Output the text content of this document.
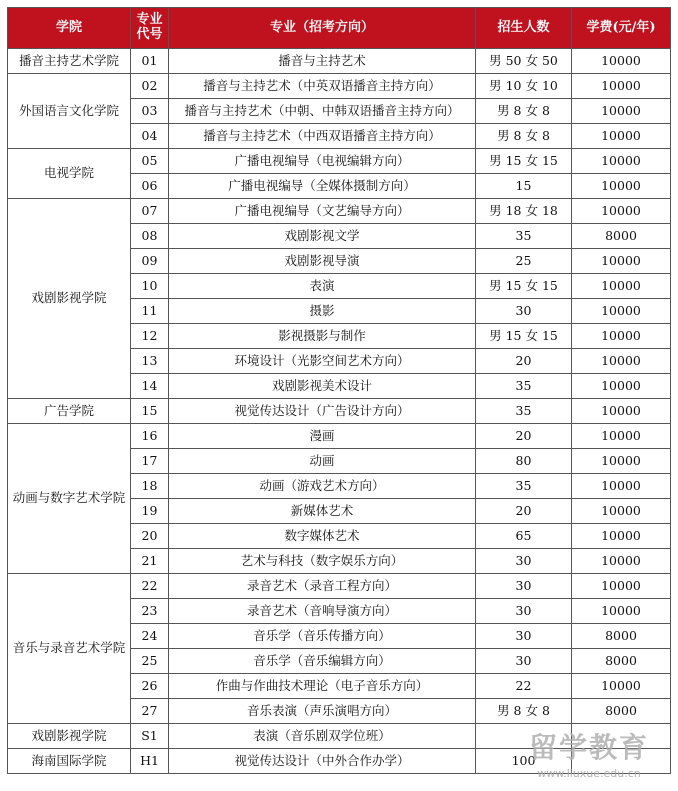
学院	专业代号	专业（招考方向）	招生人数	学费(元/年)
播音主持艺术学院	01	播音与主持艺术	男 50 女 50	10000
外国语言文化学院	02	播音与主持艺术（中英双语播音主持方向）	男 10 女 10	10000
	03	播音与主持艺术（中朝、中韩双语播音主持方向）	男 8 女 8	10000
	04	播音与主持艺术（中西双语播音主持方向）	男 8 女 8	10000
电视学院	05	广播电视编导（电视编辑方向）	男 15 女 15	10000
	06	广播电视编导（全媒体摄制方向）	15	10000
戏剧影视学院	07	广播电视编导（文艺编导方向）	男 18 女 18	10000
	08	戏剧影视文学	35	8000
	09	戏剧影视导演	25	10000
	10	表演	男 15 女 15	10000
	11	摄影	30	10000
	12	影视摄影与制作	男 15 女 15	10000
	13	环境设计（光影空间艺术方向）	20	10000
	14	戏剧影视美术设计	35	10000
广告学院	15	视觉传达设计（广告设计方向）	35	10000
动画与数字艺术学院	16	漫画	20	10000
	17	动画	80	10000
	18	动画（游戏艺术方向）	35	10000
	19	新媒体艺术	20	10000
	20	数字媒体艺术	65	10000
	21	艺术与科技（数字娱乐方向）	30	10000
音乐与录音艺术学院	22	录音艺术（录音工程方向）	30	10000
	23	录音艺术（音响导演方向）	30	10000
	24	音乐学（音乐传播方向）	30	8000
	25	音乐学（音乐编辑方向）	30	8000
	26	作曲与作曲技术理论（电子音乐方向）	22	10000
	27	音乐表演（声乐演唱方向）	男 8 女 8	8000
戏剧影视学院	S1	表演（音乐剧双学位班）		
海南国际学院	H1	视觉传达设计（中外合作办学）	100	
留学教育
www.liuxue.edu.cn
